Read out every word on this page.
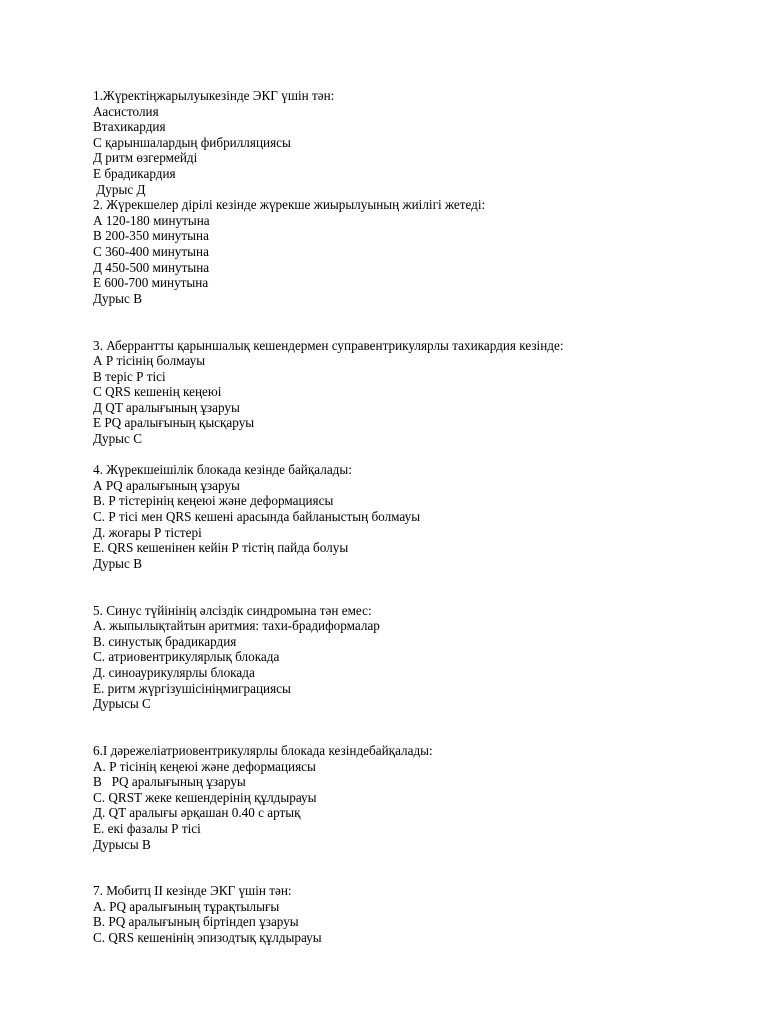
1.Жүректіңжарылуыкезінде ЭКГ үшін тән:
Аасистолия
Втахикардия
С қарыншалардың фибрилляциясы
Д ритм өзгермейді
Е брадикардия
Дурыс Д
2. Жүрекшелер дірілі кезінде жүрекше жиырылуының жиілігі жетеді:
А 120-180 минутына
В 200-350 минутына
С 360-400 минутына
Д 450-500 минутына
Е 600-700 минутына
Дурыс В
3. Аберрантты қарыншалық кешендермен суправентрикулярлы тахикардия кезінде:
А Р тісінің болмауы
В теріс Р тісі
С QRS кешенің кеңеюі
Д QT аралығының ұзаруы
Е PQ аралығының қысқаруы
Дурыс С
4. Жүрекшеішілік блокада кезінде байқалады:
А PQ аралығының ұзаруы
В. Р тістерінің кеңеюі және деформациясы
С. Р тісі мен QRS кешені арасында байланыстың болмауы
Д. жоғары Р тістері
Е. QRS кешенінен кейін Р тістің пайда болуы
Дурыс В
5. Синус түйінінің әлсіздік синдромына тән емес:
А. жыпылықтайтын аритмия: тахи-брадиформалар
В. синустық брадикардия
С. атриовентрикулярлық блокада
Д. синоаурикулярлы блокада
Е. ритм жүргізушісініңмиграциясы
Дурысы С
6.І дәрежеліатриовентрикулярлы блокада кезіндебайқалады:
А. Р тісінің кеңеюі және деформациясы
В   PQ аралығының ұзаруы
С. QRST жеке кешендерінің құлдырауы
Д. QT аралығы әрқашан 0.40 с артық
Е. екі фазалы Р тісі
Дурысы В
7. Мобитц ІІ кезінде ЭКГ үшін тән:
А. PQ аралығының тұрақтылығы
В. PQ аралығының біртіндеп ұзаруы
С. QRS кешенінің эпизодтық құлдырауы
